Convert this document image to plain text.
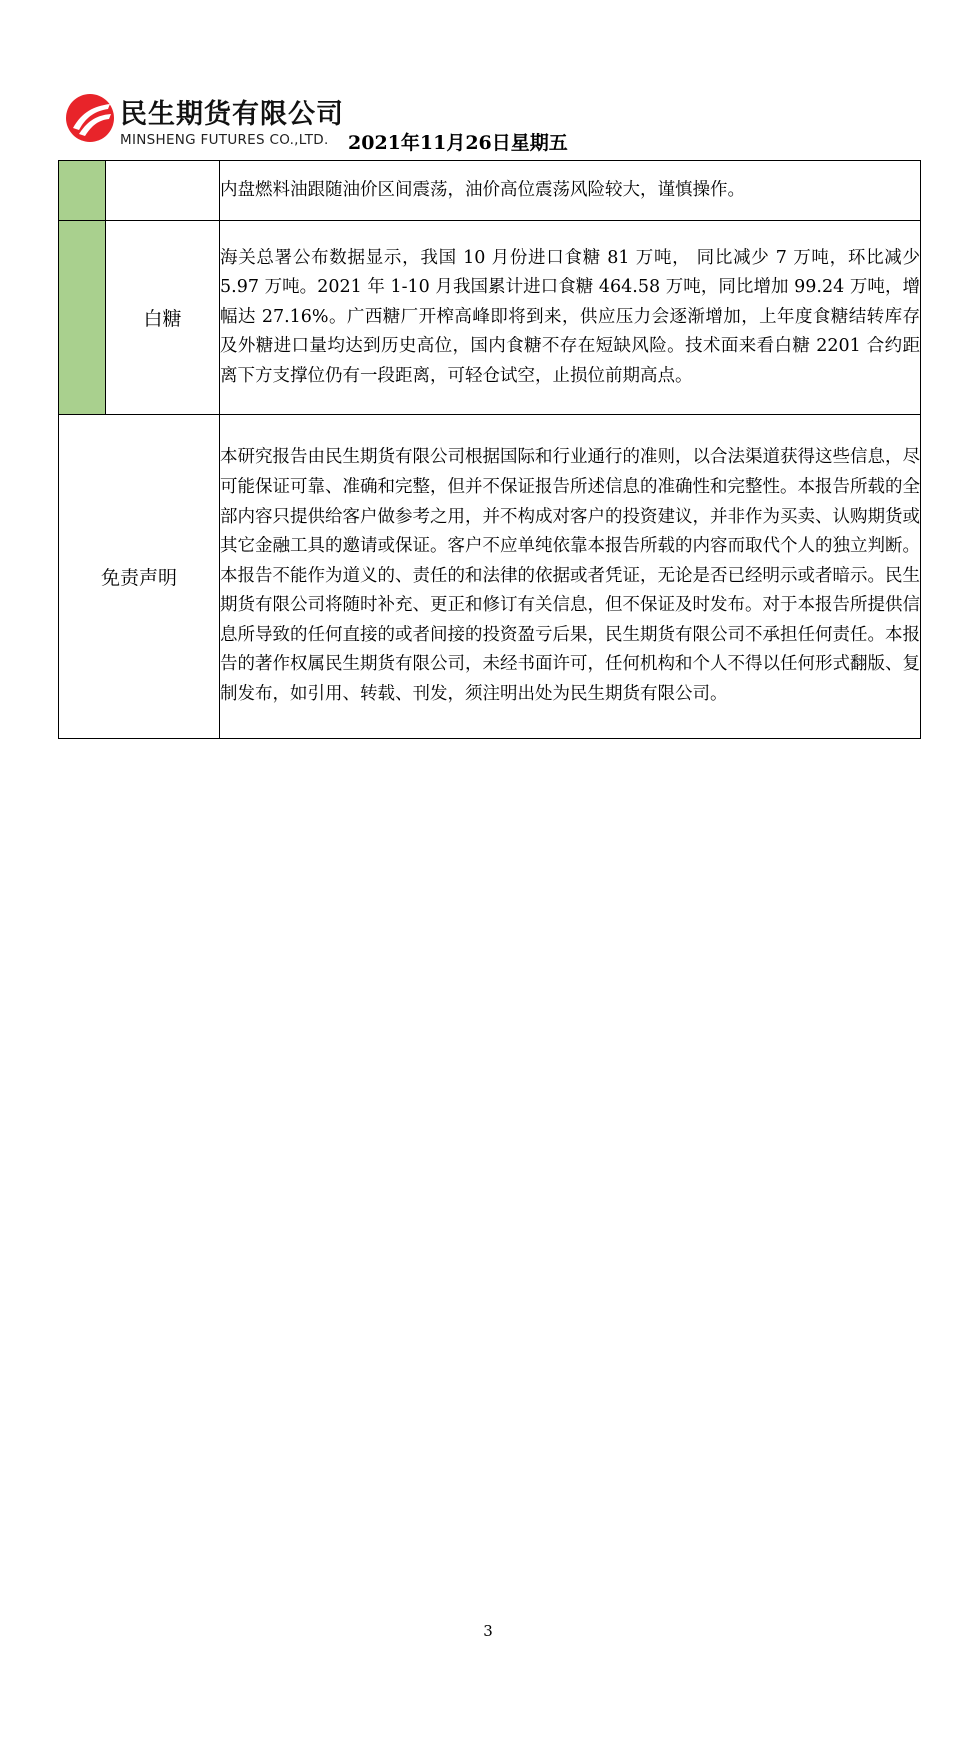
民生期货有限公司
MINSHENG FUTURES CO.,LTD. 2021年11月26日星期五
		内盘燃料油跟随油价区间震荡，油价高位震荡风险较大，谨慎操作。
	白糖	海关总署公布数据显示，我国 10 月份进口食糖 81 万吨， 同比减少 7 万吨，环比减少 5.97 万吨。2021 年 1-10 月我国累计进口食糖 464.58 万吨，同比增加 99.24 万吨，增幅达 27.16%。广西糖厂开榨高峰即将到来，供应压力会逐渐增加，上年度食糖结转库存及外糖进口量均达到历史高位，国内食糖不存在短缺风险。技术面来看白糖 2201 合约距离下方支撑位仍有一段距离，可轻仓试空，止损位前期高点。
免责声明		本研究报告由民生期货有限公司根据国际和行业通行的准则，以合法渠道获得这些信息，尽可能保证可靠、准确和完整，但并不保证报告所述信息的准确性和完整性。本报告所载的全部内容只提供给客户做参考之用，并不构成对客户的投资建议，并非作为买卖、认购期货或其它金融工具的邀请或保证。客户不应单纯依靠本报告所载的内容而取代个人的独立判断。本报告不能作为道义的、责任的和法律的依据或者凭证，无论是否已经明示或者暗示。民生期货有限公司将随时补充、更正和修订有关信息，但不保证及时发布。对于本报告所提供信息所导致的任何直接的或者间接的投资盈亏后果，民生期货有限公司不承担任何责任。本报告的著作权属民生期货有限公司，未经书面许可，任何机构和个人不得以任何形式翻版、复制发布，如引用、转载、刊发，须注明出处为民生期货有限公司。
3
